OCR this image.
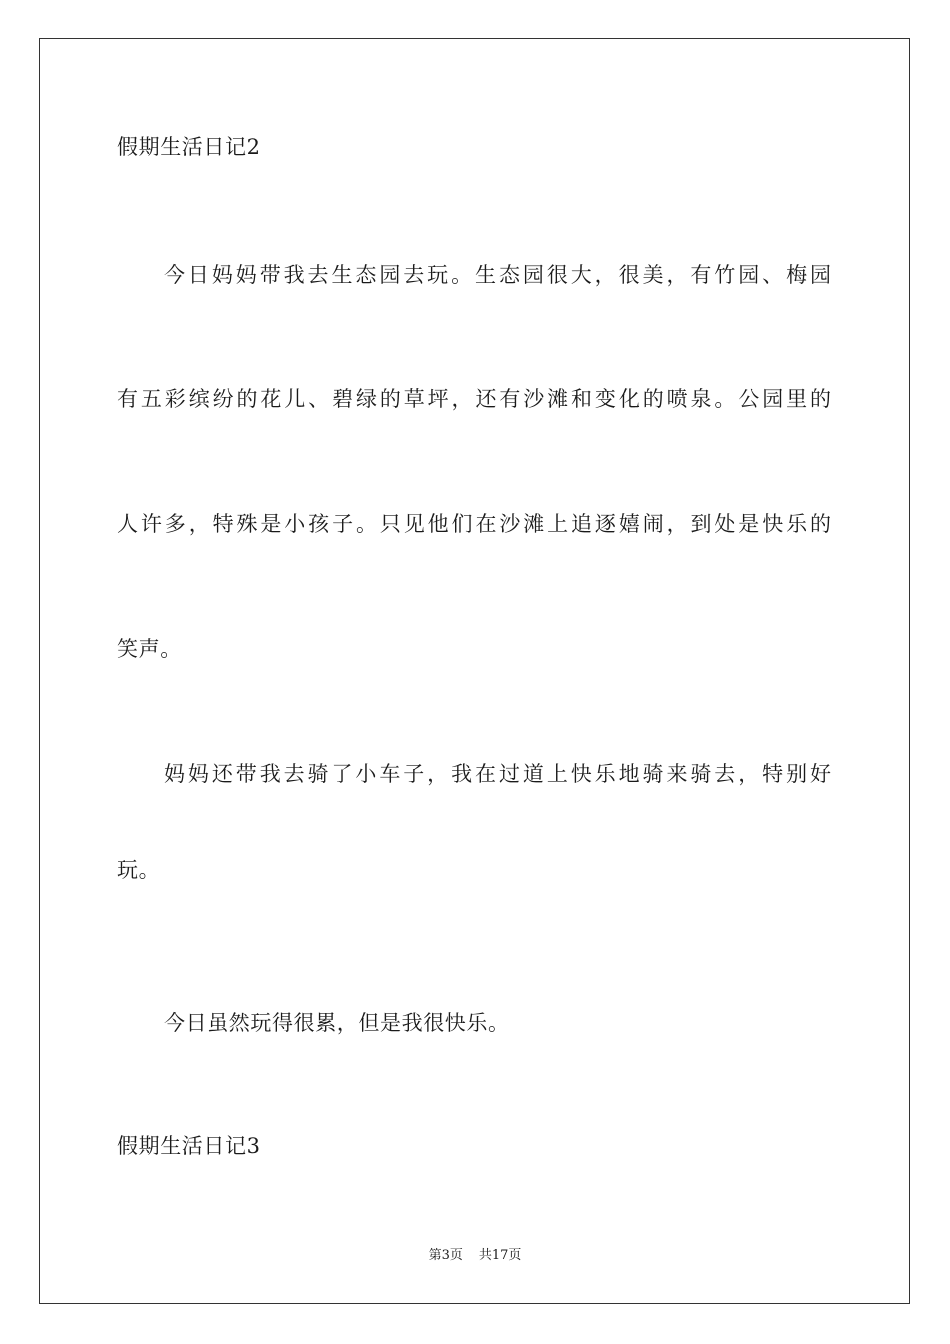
假期生活日记2
今日妈妈带我去生态园去玩。生态园很大，很美，有竹园、梅园
有五彩缤纷的花儿、碧绿的草坪，还有沙滩和变化的喷泉。公园里的
人许多，特殊是小孩子。只见他们在沙滩上追逐嬉闹，到处是快乐的
笑声。
妈妈还带我去骑了小车子，我在过道上快乐地骑来骑去，特别好
玩。
今日虽然玩得很累，但是我很快乐。
假期生活日记3
第3页 共17页
